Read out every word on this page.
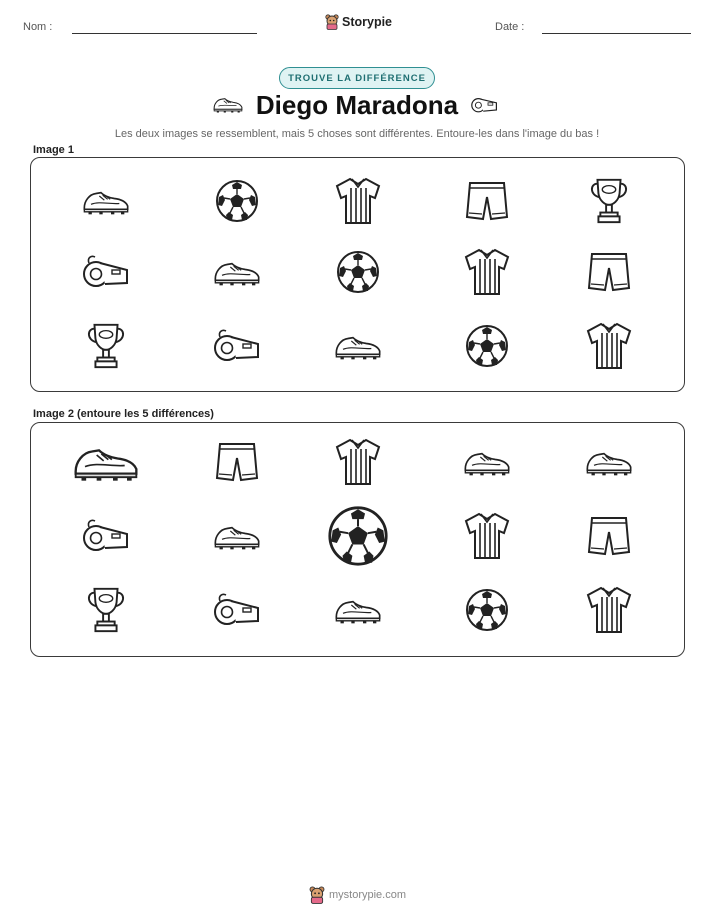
Nom :	Storypie	Date :
TROUVE LA DIFFÉRENCE
Diego Maradona
Les deux images se ressemblent, mais 5 choses sont différentes. Entoure-les dans l'image du bas !
Image 1
Image 2 (entoure les 5 différences)
mystorypie.com
